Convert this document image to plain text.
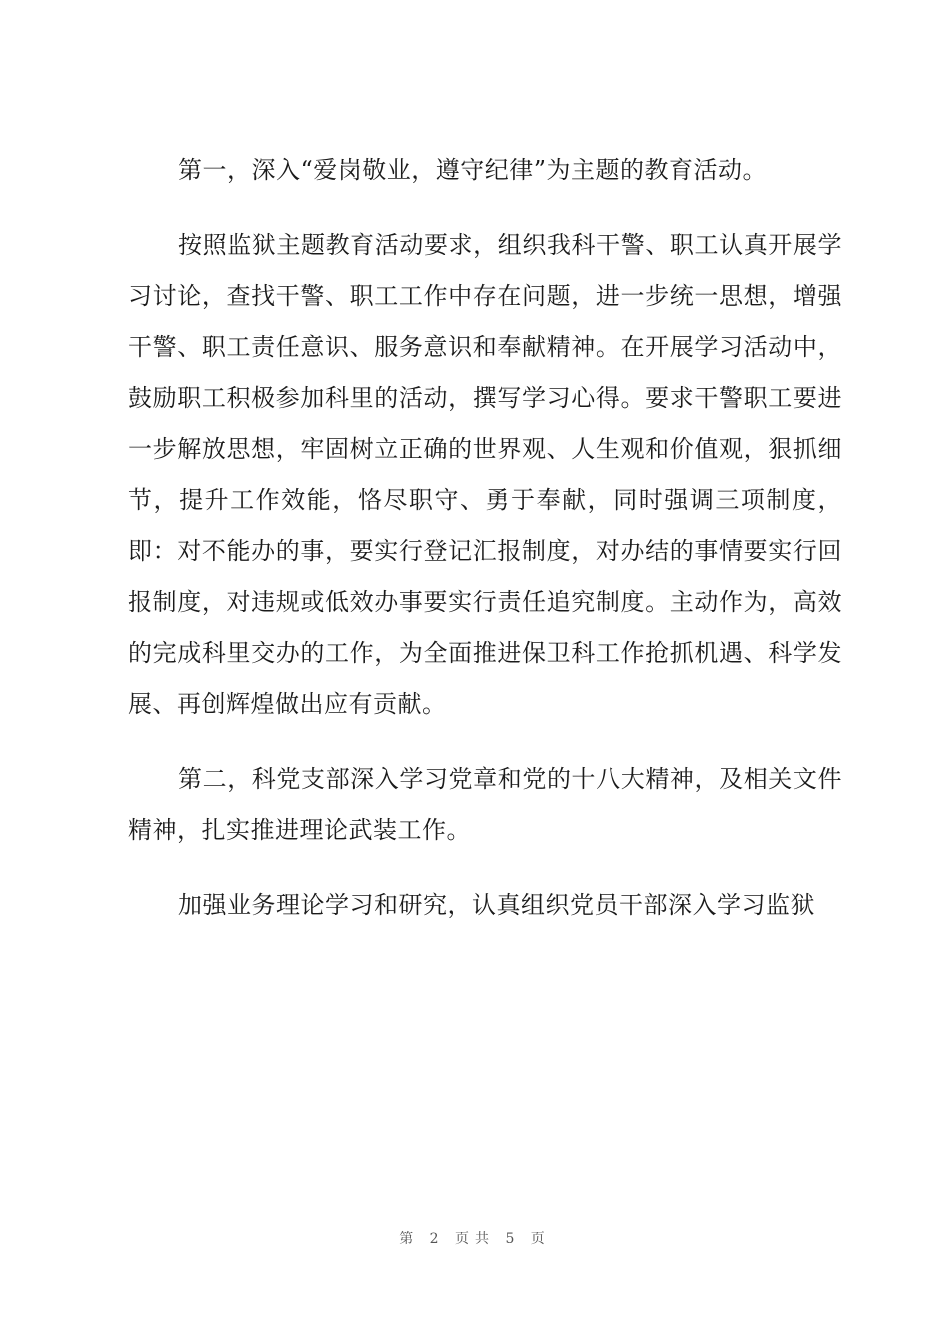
第一，深入“爱岗敬业，遵守纪律”为主题的教育活动。

按照监狱主题教育活动要求，组织我科干警、职工认真开展学习讨论，查找干警、职工工作中存在问题，进一步统一思想，增强干警、职工责任意识、服务意识和奉献精神。在开展学习活动中，鼓励职工积极参加科里的活动，撰写学习心得。要求干警职工要进一步解放思想，牢固树立正确的世界观、人生观和价值观，狠抓细节，提升工作效能，恪尽职守、勇于奉献，同时强调三项制度，即：对不能办的事，要实行登记汇报制度，对办结的事情要实行回报制度，对违规或低效办事要实行责任追究制度。主动作为，高效的完成科里交办的工作，为全面推进保卫科工作抢抓机遇、科学发展、再创辉煌做出应有贡献。

第二，科党支部深入学习党章和党的十八大精神，及相关文件精神，扎实推进理论武装工作。

加强业务理论学习和研究，认真组织党员干部深入学习监狱

第 2 页共 5 页
